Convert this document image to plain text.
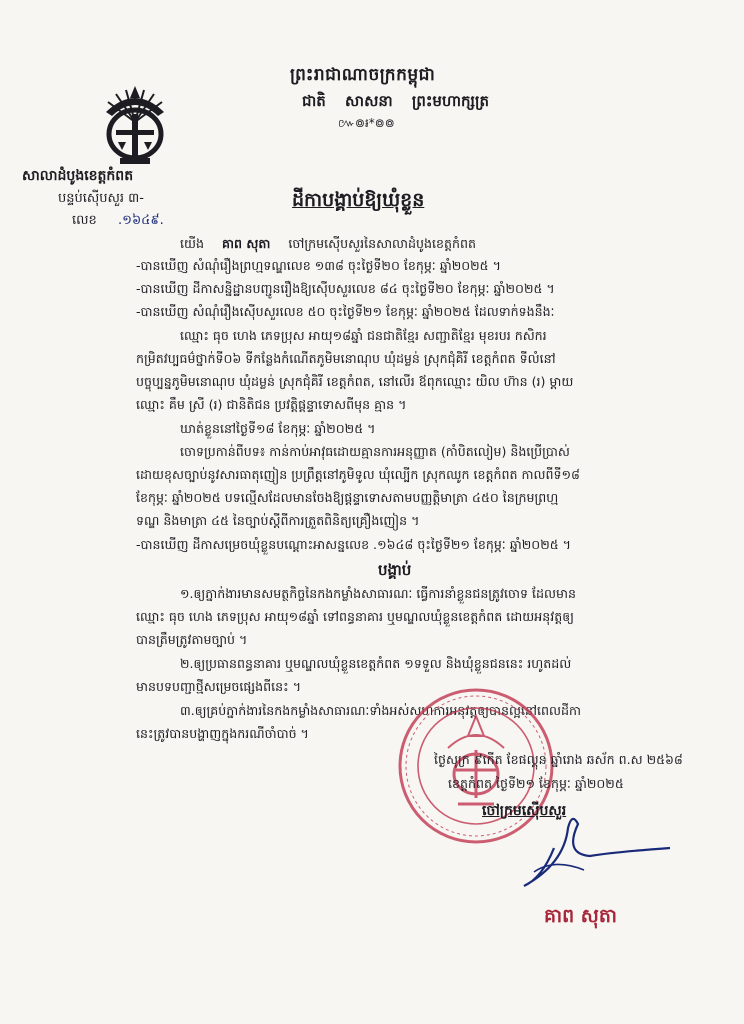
ព្រះរាជាណាចក្រកម្ពុជា
ជាតិ សាសនា ព្រះមហាក្សត្រ
៚៙៛*៙៙
សាលាដំបូងខេត្តកំពត
បន្ទប់ស៊ើបសួរ ៣-
លេខ .១៦៤៩.
ដីកាបង្គាប់ឱ្យឃុំខ្លួន
យើង គាព សុតា ចៅក្រមស៊ើបសួរនៃសាលាដំបូងខេត្តកំពត
-បានឃើញ សំណុំរឿងព្រហ្មទណ្ឌលេខ ១៣៨ ចុះថ្ងៃទី២០ ខែកុម្ភៈ ឆ្នាំ២០២៥ ។
-បានឃើញ ដីកាសន្និដ្ឋានបញ្ជូនរឿងឱ្យស៊ើបសួរលេខ ៨៤ ចុះថ្ងៃទី២០ ខែកុម្ភៈ ឆ្នាំ២០២៥ ។
-បានឃើញ សំណុំរឿងស៊ើបសួរលេខ ៥០ ចុះថ្ងៃទី២១ ខែកុម្ភៈ ឆ្នាំ២០២៥ ដែលទាក់ទងនឹងៈ
ឈ្មោះ ធុច ហេង ភេទប្រុស អាយុ១៨ឆ្នាំ ជនជាតិខ្មែរ សញ្ជាតិខ្មែរ មុខរបរ កសិករ
កម្រិតវប្បធម៌ថ្នាក់ទី០៦ ទីកន្លែងកំណើតភូមិមនោណុប ឃុំដម្លន់ ស្រុកជុំគិរី ខេត្តកំពត ទីលំនៅ
បច្ចុប្បន្នភូមិមនោណុប ឃុំដម្លន់ ស្រុកជុំគិរី ខេត្តកំពត, នៅលើរ ឪពុកឈ្មោះ យិល ហ៊ាន (រ) ម្ដាយ
ឈ្មោះ គឹម ស្រី (រ) ជានិតិជន ប្រវត្តិផ្ដន្ទាទោសពីមុន គ្មាន ។
ឃាត់ខ្លួននៅថ្ងៃទី១៨ ខែកុម្ភៈ ឆ្នាំ២០២៥ ។
ចោទប្រកាន់ពីបទ៖ កាន់កាប់អាវុធដោយគ្មានការអនុញ្ញាត (កាំបិតលៀម) និងប្រើប្រាស់
ដោយខុសច្បាប់នូវសារធាតុញៀន ប្រព្រឹត្តនៅភូមិទូល ឃុំល្បើក ស្រុកឈូក ខេត្តកំពត កាលពីទី១៨
ខែកុម្ភៈ ឆ្នាំ២០២៥ បទល្មើសដែលមានចែងឱ្យផ្តន្ទាទោសតាមបញ្ញត្តិមាត្រា ៤៥០ នៃក្រមព្រហ្ម
ទណ្ឌ និងមាត្រា ៤៥ នៃច្បាប់ស្ដីពីការត្រួតពិនិត្យគ្រឿងញៀន ។
-បានឃើញ ដីកាសម្រេចឃុំខ្លួនបណ្តោះអាសន្នលេខ .១៦៤៨ ចុះថ្ងៃទី២១ ខែកុម្ភៈ ឆ្នាំ២០២៥ ។
បង្គាប់
១.ឲ្យភ្នាក់ងារមានសមត្ថកិច្ចនៃកងកម្លាំងសាធារណៈ ធ្វើការនាំខ្លួនជនត្រូវចោទ ដែលមាន
ឈ្មោះ ធុច ហេង ភេទប្រុស អាយុ១៨ឆ្នាំ ទៅពន្ធនាគារ ឬមណ្ឌលឃុំខ្លួនខេត្តកំពត ដោយអនុវត្តឲ្យ
បានត្រឹមត្រូវតាមច្បាប់ ។
២.ឲ្យប្រធានពន្ធនាគារ ឬមណ្ឌលឃុំខ្លួនខេត្តកំពត ១ទទួល និងឃុំខ្លួនជននេះ រហូតដល់
មានបទបញ្ជាថ្មីសម្រេចផ្សេងពីនេះ ។
៣.ឲ្យគ្រប់ភ្នាក់ងារនៃកងកម្លាំងសាធារណៈទាំងអស់សហការអនុវត្តឲ្យបានល្អនៅពេលដីកា
នេះត្រូវបានបង្ហាញក្នុងករណីចាំបាច់ ។
ថ្ងៃសុក្រ ៩កើត ខែផល្គុន ឆ្នាំរោង ឆស័ក ព.ស ២៥៦៨
ខេត្តកំពត ថ្ងៃទី២១ ខែកុម្ភៈ ឆ្នាំ២០២៥
ចៅក្រមស៊ើបសួរ
គាព សុតា
